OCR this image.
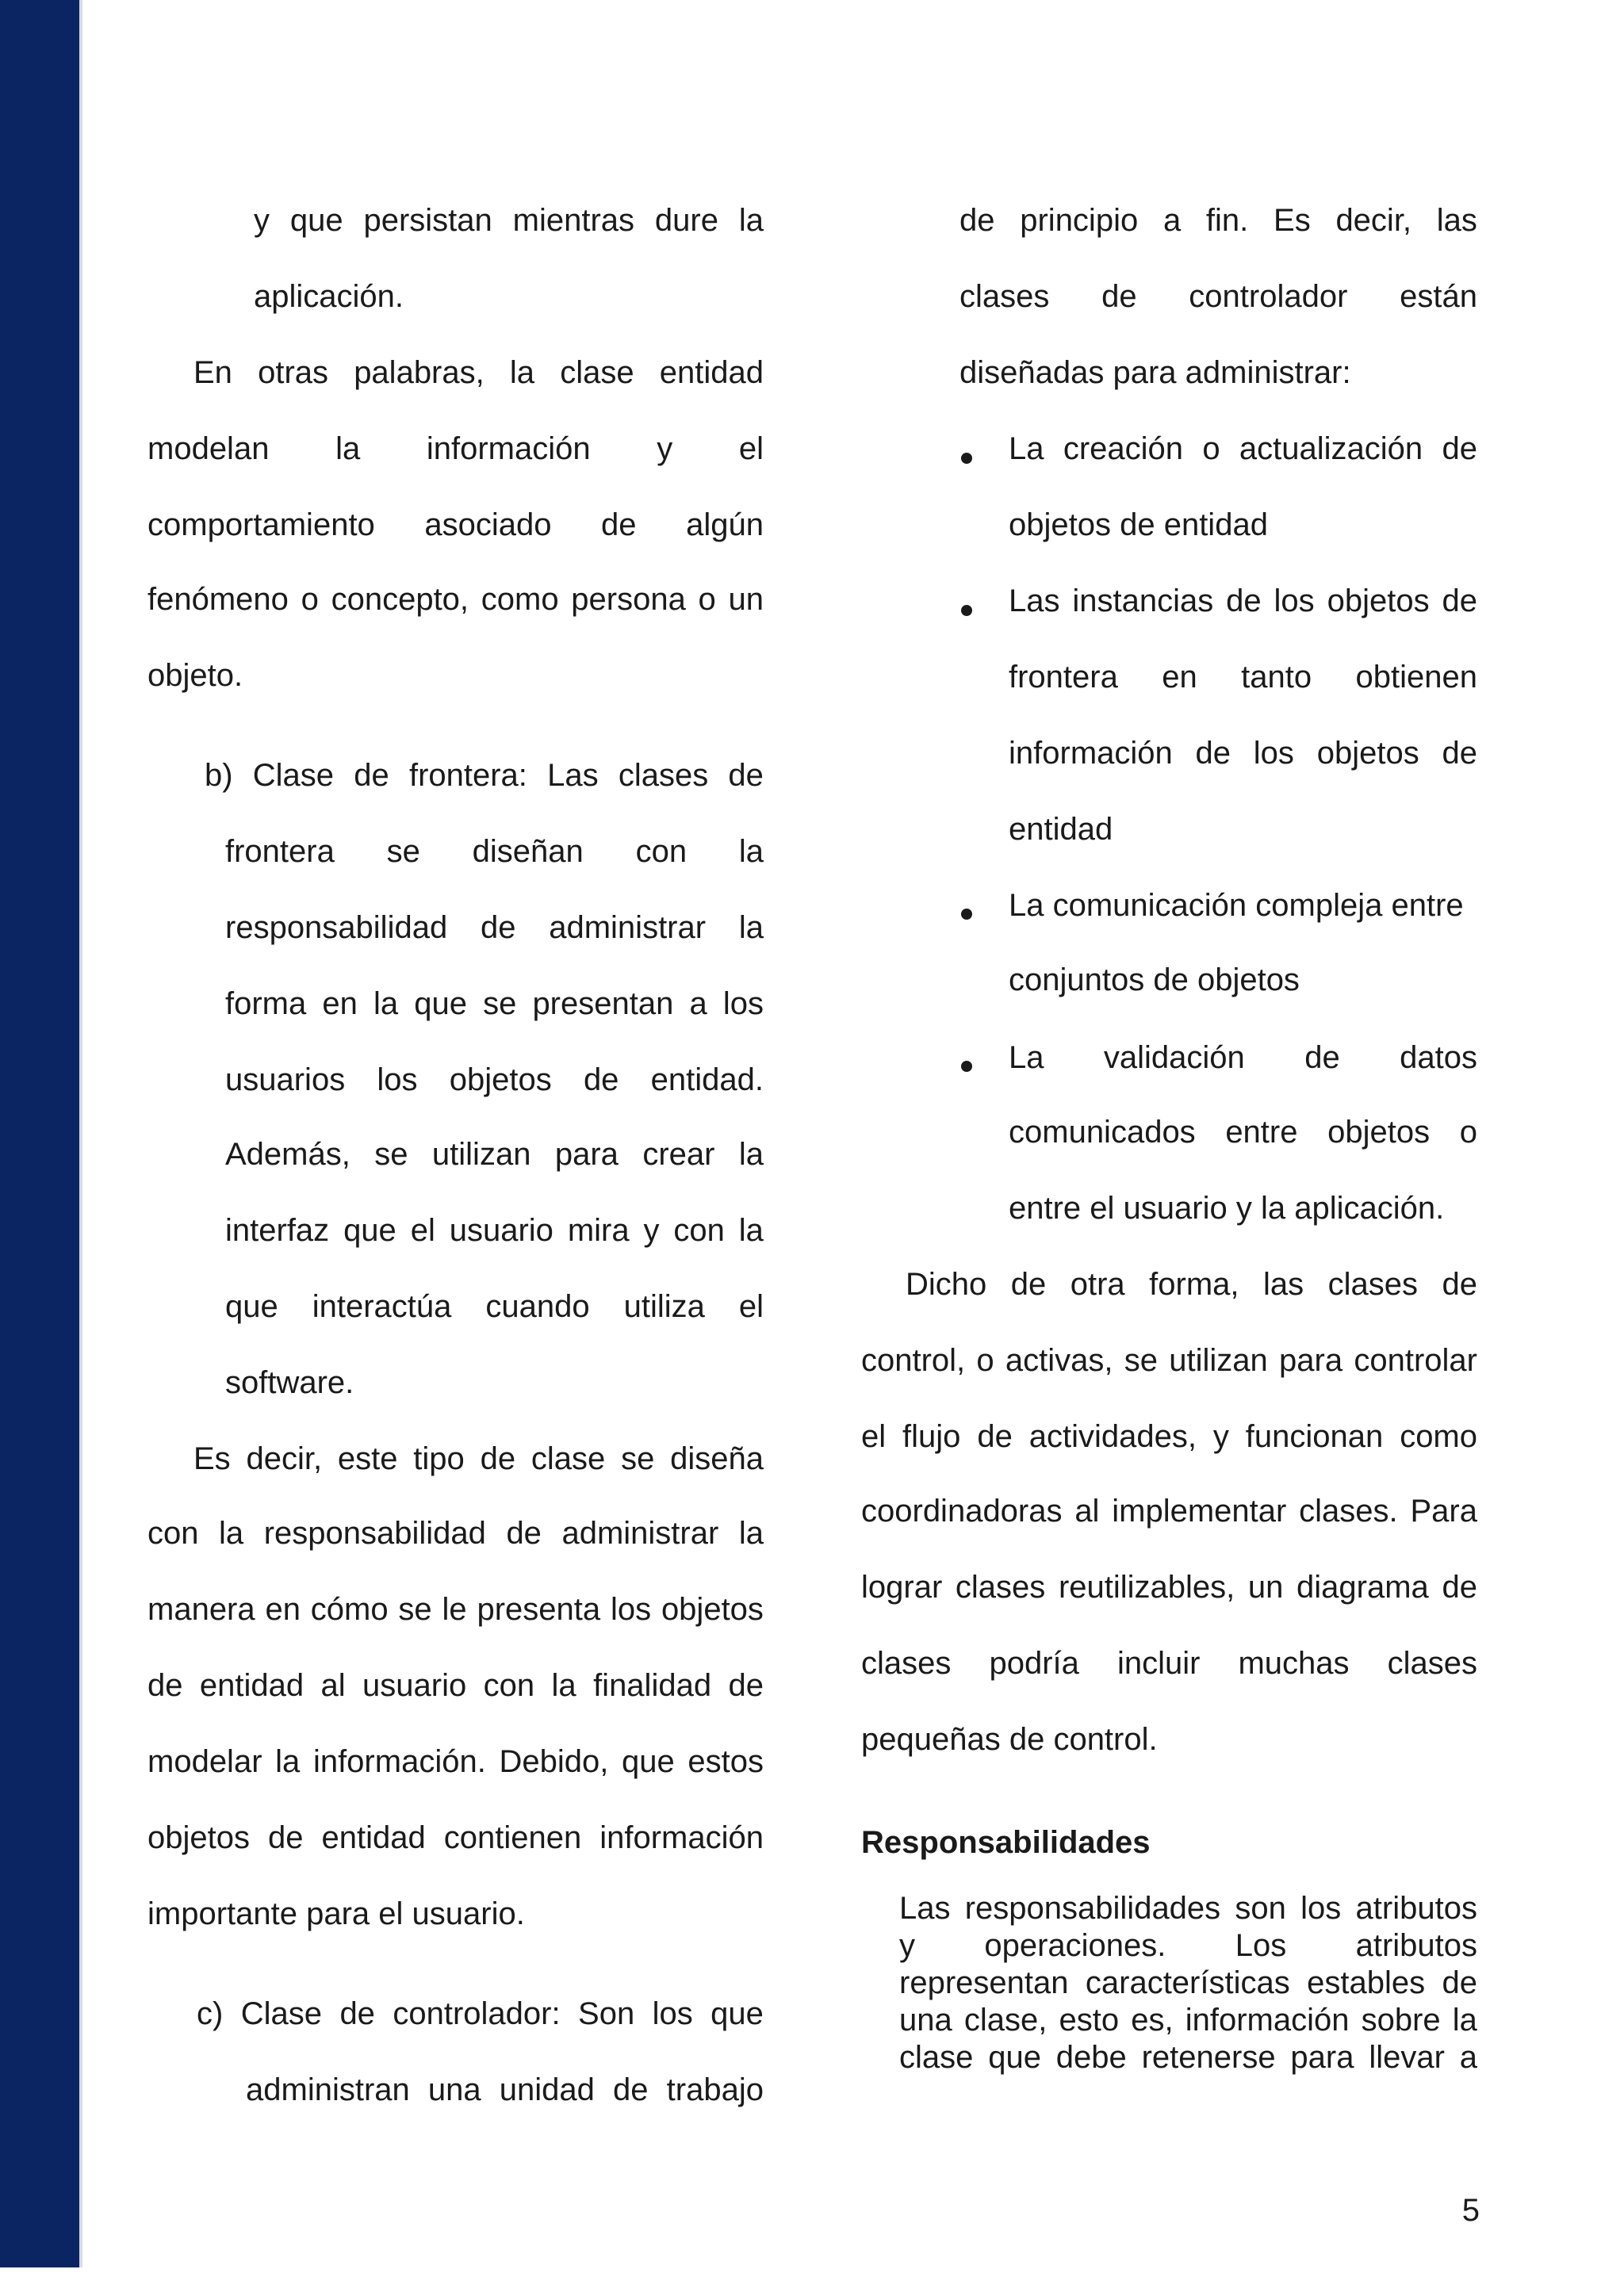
y que persistan mientras dure la
aplicación.
En otras palabras, la clase entidad
modelan la información y el
comportamiento asociado de algún
fenómeno o concepto, como persona o un
objeto.
b) Clase de frontera: Las clases de
frontera se diseñan con la
responsabilidad de administrar la
forma en la que se presentan a los
usuarios los objetos de entidad.
Además, se utilizan para crear la
interfaz que el usuario mira y con la
que interactúa cuando utiliza el
software.
Es decir, este tipo de clase se diseña
con la responsabilidad de administrar la
manera en cómo se le presenta los objetos
de entidad al usuario con la finalidad de
modelar la información. Debido, que estos
objetos de entidad contienen información
importante para el usuario.
c) Clase de controlador: Son los que
administran una unidad de trabajo
de principio a fin. Es decir, las
clases de controlador están
diseñadas para administrar:
La creación o actualización de
objetos de entidad
Las instancias de los objetos de
frontera en tanto obtienen
información de los objetos de
entidad
La comunicación compleja entre
conjuntos de objetos
La validación de datos
comunicados entre objetos o
entre el usuario y la aplicación.
Dicho de otra forma, las clases de
control, o activas, se utilizan para controlar
el flujo de actividades, y funcionan como
coordinadoras al implementar clases. Para
lograr clases reutilizables, un diagrama de
clases podría incluir muchas clases
pequeñas de control.
Responsabilidades
Las responsabilidades son los atributos
y operaciones. Los atributos
representan características estables de
una clase, esto es, información sobre la
clase que debe retenerse para llevar a
5
